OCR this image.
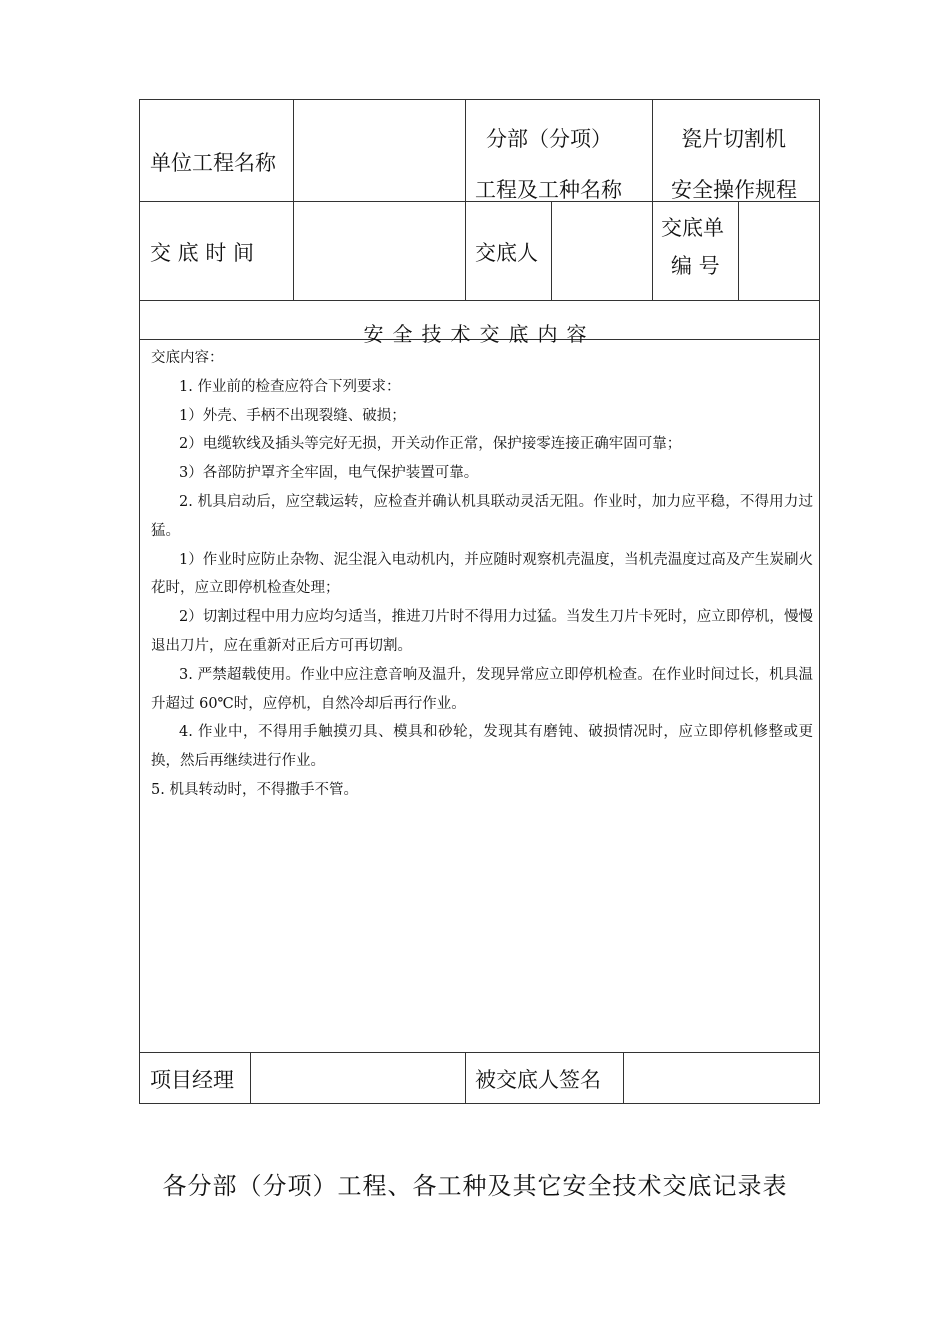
单位工程名称
分部（分项）
工程及工种名称
瓷片切割机
安全操作规程
交 底 时 间	交底人
交底单
编 号
安全技术交底内容

交底内容：

1. 作业前的检查应符合下列要求：

1）外壳、手柄不出现裂缝、破损；

2）电缆软线及插头等完好无损，开关动作正常，保护接零连接正确牢固可靠；

3）各部防护罩齐全牢固，电气保护装置可靠。

2. 机具启动后，应空载运转，应检查并确认机具联动灵活无阻。作业时，加力应平稳，不得用力过猛。

1）作业时应防止杂物、泥尘混入电动机内，并应随时观察机壳温度，当机壳温度过高及产生炭刷火花时，应立即停机检查处理；

2）切割过程中用力应均匀适当，推进刀片时不得用力过猛。当发生刀片卡死时，应立即停机，慢慢退出刀片，应在重新对正后方可再切割。

3. 严禁超载使用。作业中应注意音响及温升，发现异常应立即停机检查。在作业时间过长，机具温升超过 60℃时，应停机，自然冷却后再行作业。

4. 作业中，不得用手触摸刃具、模具和砂轮，发现其有磨钝、破损情况时，应立即停机修整或更换，然后再继续进行作业。

5. 机具转动时，不得撒手不管。

项目经理	被交底人签名
各分部（分项）工程、各工种及其它安全技术交底记录表
